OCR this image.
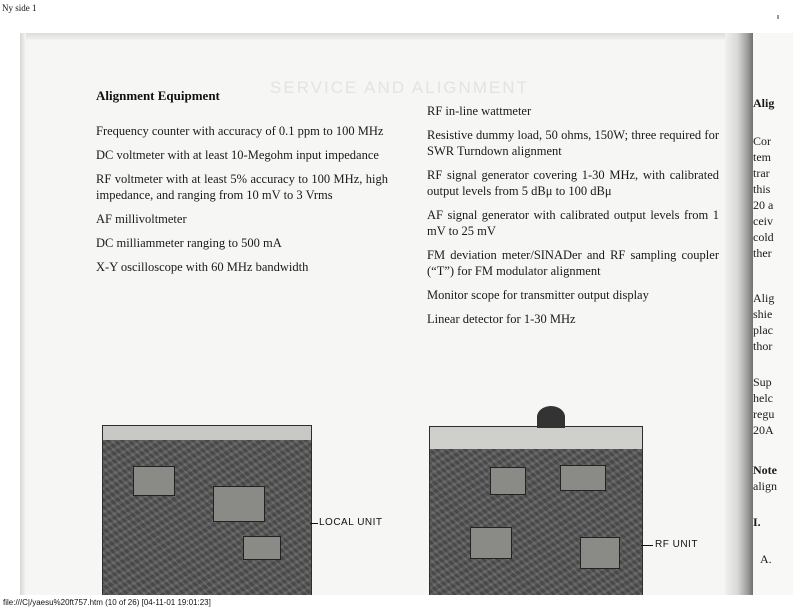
Ny side 1
SERVICE AND ALIGNMENT
Alignment Equipment

Frequency counter with accuracy of 0.1 ppm to 100 MHz

DC voltmeter with at least 10-Megohm input impedance

RF voltmeter with at least 5% accuracy to 100 MHz, high impedance, and ranging from 10 mV to 3 Vrms

AF millivoltmeter

DC milliammeter ranging to 500 mA

X-Y oscilloscope with 60 MHz bandwidth

RF in-line wattmeter

Resistive dummy load, 50 ohms, 150W; three required for SWR Turndown alignment

RF signal generator covering 1-30 MHz, with calibrated output levels from 5 dBμ to 100 dBμ

AF signal generator with calibrated output levels from 1 mV to 25 mV

FM deviation meter/SINADer and RF sampling coupler (“T”) for FM modulator alignment

Monitor scope for transmitter output display

Linear detector for 1-30 MHz

LOCAL UNIT
RF UNIT
Alig
Cor
tem
trar
this
20 a
ceiv
cold
ther
Alig
shie
plac
thor
Sup
helc
regu
20A
Note
align
I.
A.
file:///C|/yaesu%20ft757.htm (10 of 26) [04-11-01 19:01:23]
